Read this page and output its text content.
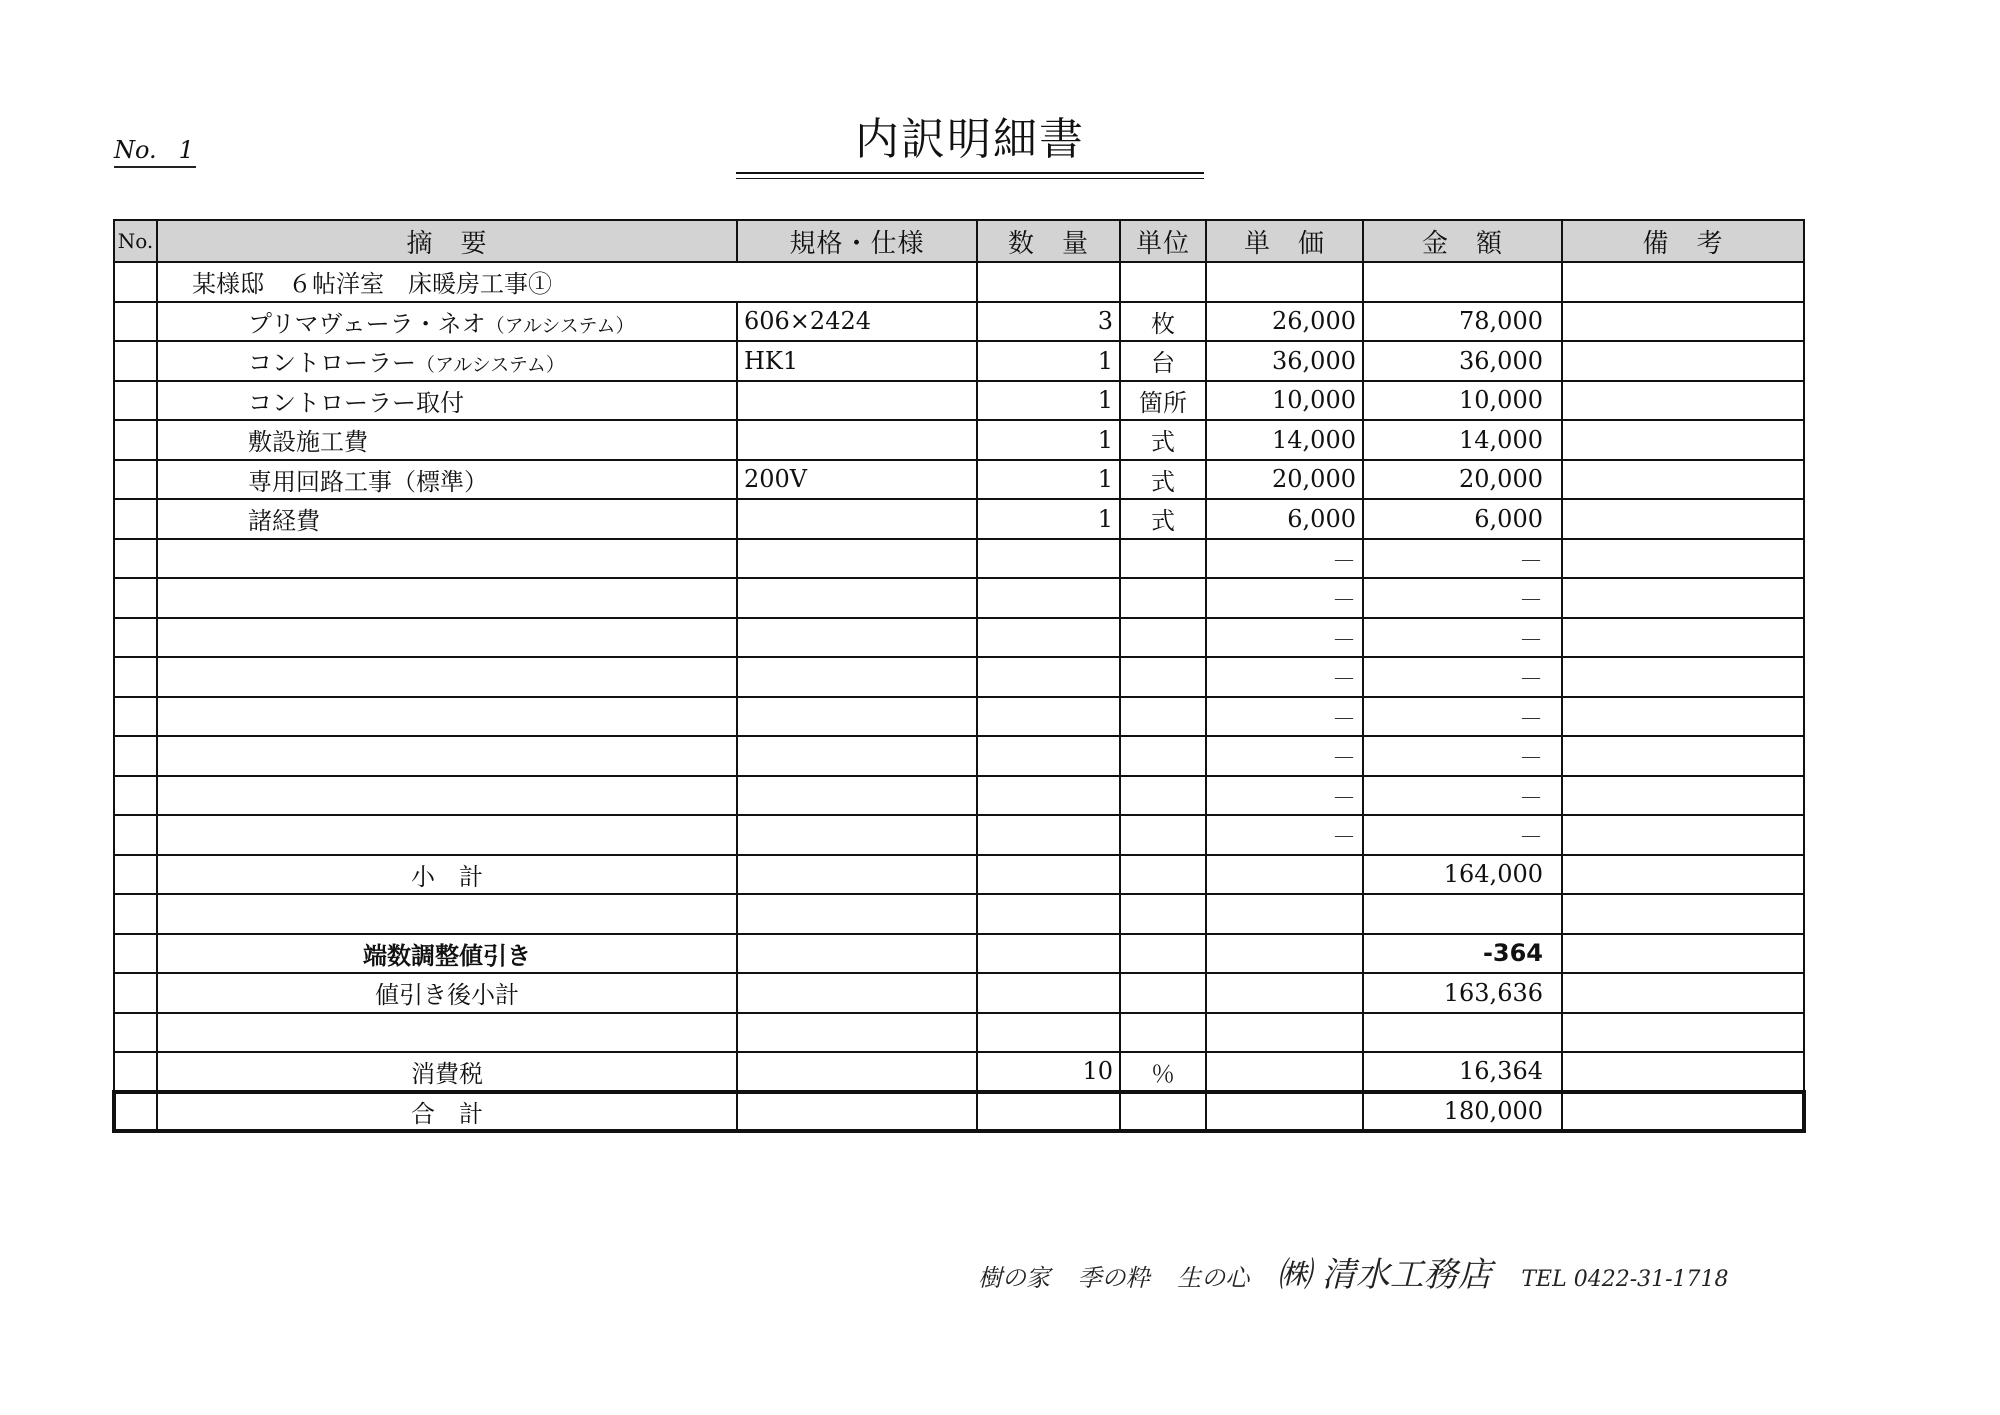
No. 1	内訳明細書
No.	摘　要	規格・仕様	数　量	単位	単　価	金　額	備　考
	某様邸　６帖洋室　床暖房工事①						
	プリマヴェーラ・ネオ（アルシステム）	606×2424	3	枚	26,000	78,000	
	コントローラー（アルシステム）	HK1	1	台	36,000	36,000	
	コントローラー取付		1	箇所	10,000	10,000	
	敷設施工費		1	式	14,000	14,000	
	専用回路工事（標準）	200V	1	式	20,000	20,000	
	諸経費		1	式	6,000	6,000	
					－	－	
					－	－	
					－	－	
					－	－	
					－	－	
					－	－	
					－	－	
					－	－	
	小　計					164,000	

	端数調整値引き					-364	
	値引き後小計					163,636	

	消費税		10	％		16,364	
	合　計					180,000	
樹の家 季の粋 生の心 ㈱ 清水工務店 TEL 0422-31-1718
